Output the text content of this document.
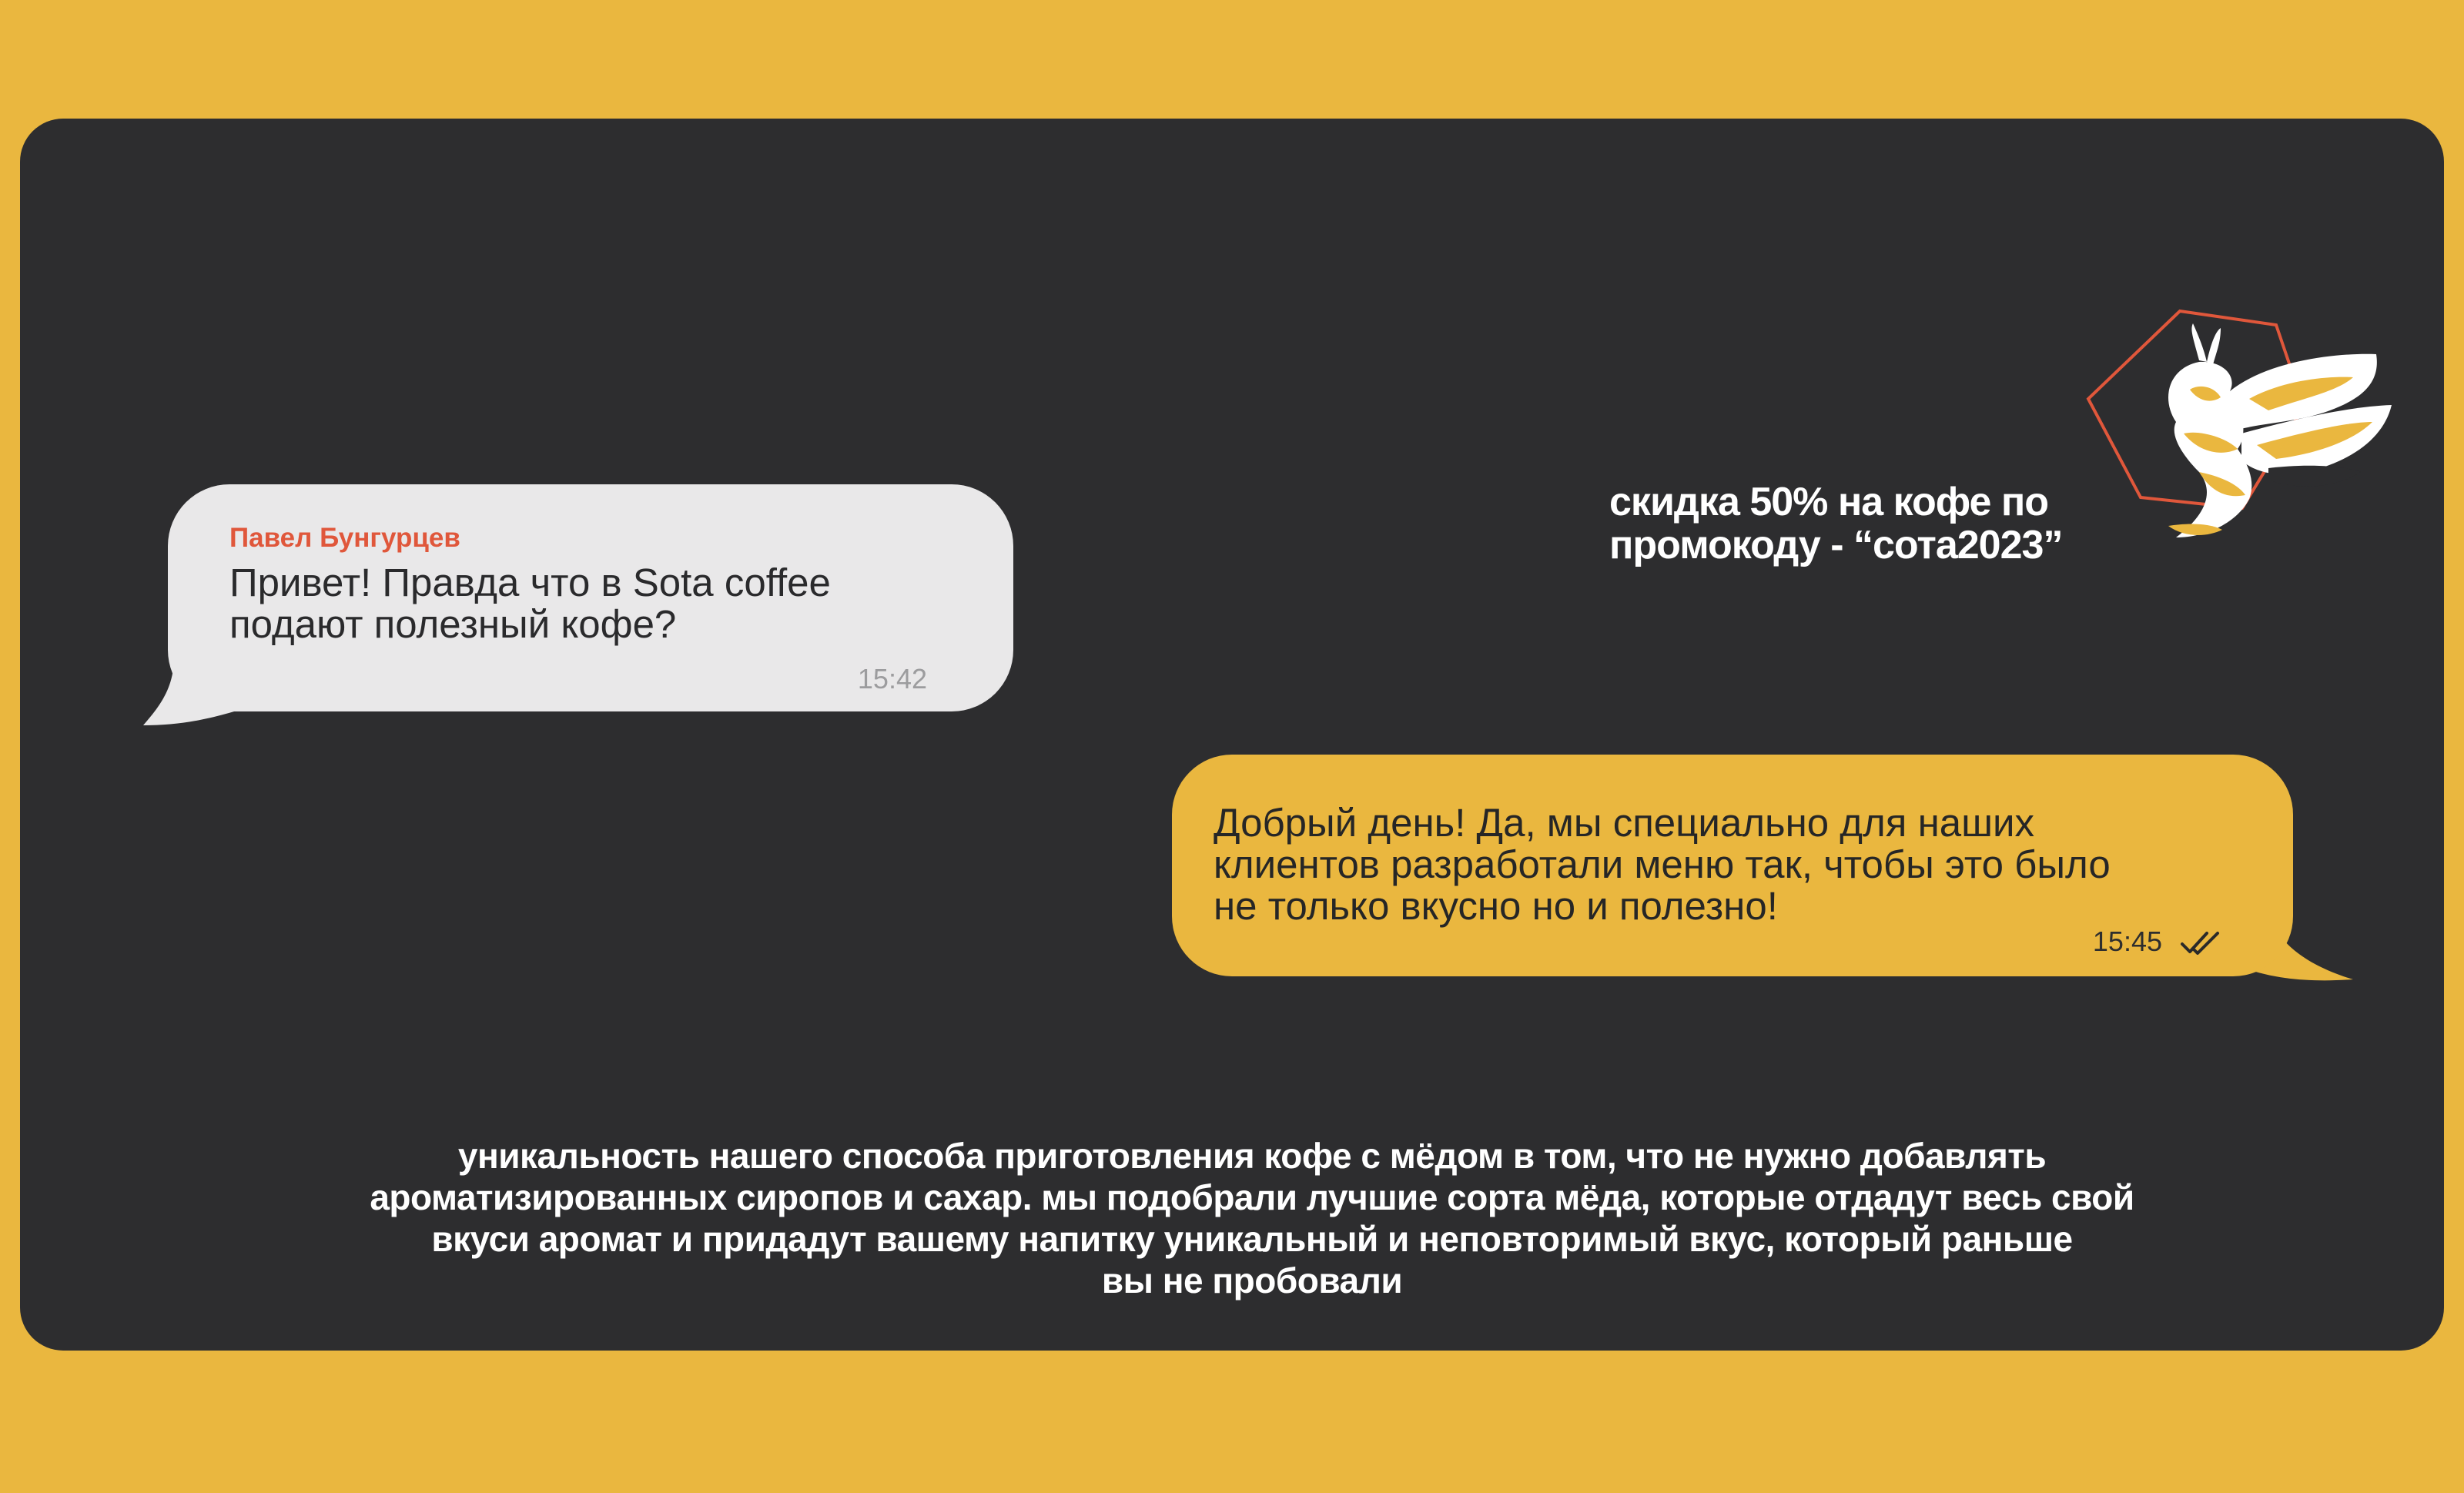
Павел Бунгурцев
Привет! Правда что в Sota coffee
подают полезный кофе?
15:42
скидка 50% на кофе по
промокоду - “сота2023”
Добрый день! Да, мы специально для наших
клиентов разработали меню так, чтобы это было
не только вкусно но и полезно!
15:45
уникальность нашего способа приготовления кофе с мёдом в том, что не нужно добавлять
ароматизированных сиропов и сахар. мы подобрали лучшие сорта мёда, которые отдадут весь свой
вкуси аромат и придадут вашему напитку уникальный и неповторимый вкус, который раньше
вы не пробовали
